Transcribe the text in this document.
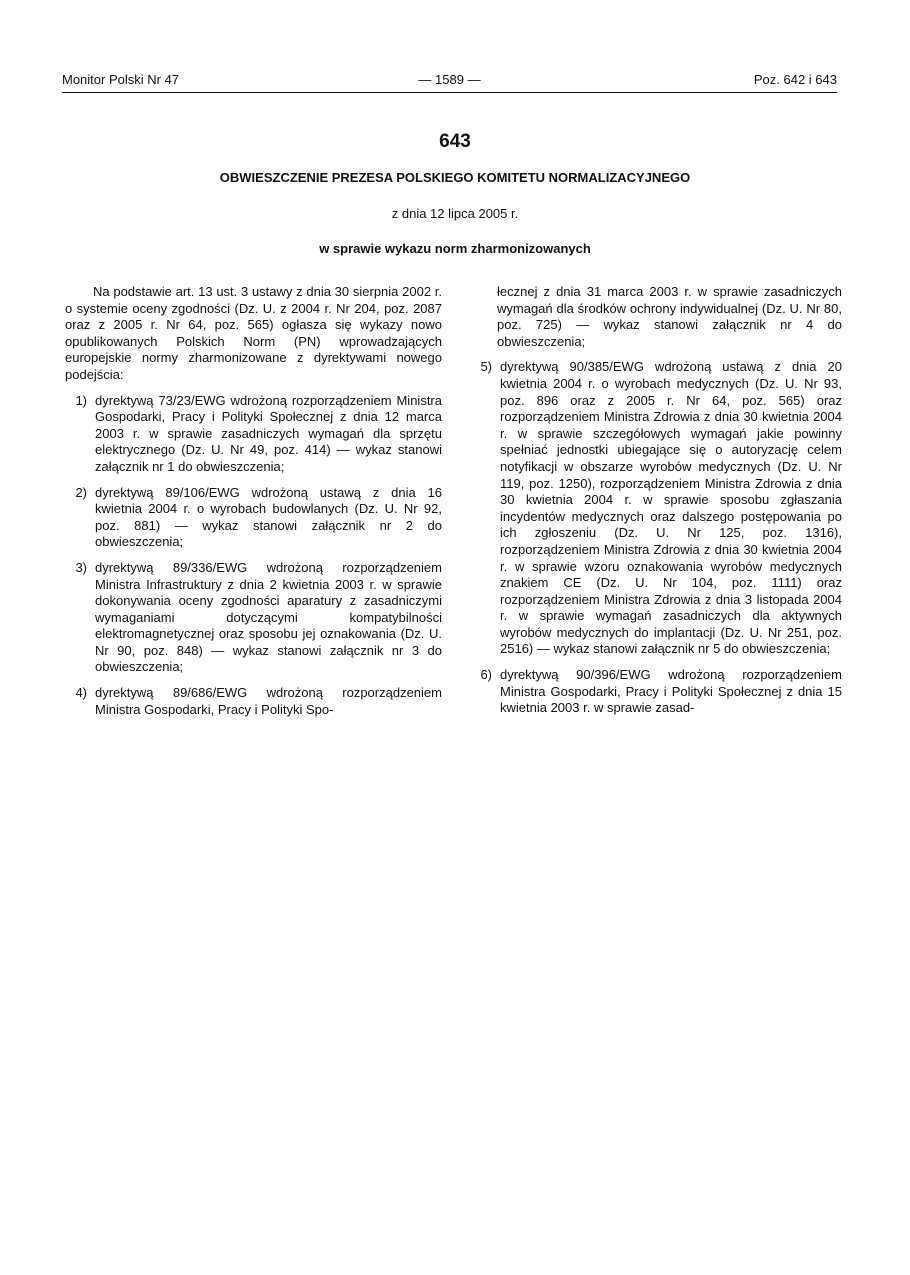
— 1589 —
Monitor Polski Nr 47	Poz. 642 i 643
643
OBWIESZCZENIE PREZESA POLSKIEGO KOMITETU NORMALIZACYJNEGO
z dnia 12 lipca 2005 r.
w sprawie wykazu norm zharmonizowanych

Na podstawie art. 13 ust. 3 ustawy z dnia 30 sierpnia 2002 r. o systemie oceny zgodności (Dz. U. z 2004 r. Nr 204, poz. 2087 oraz z 2005 r. Nr 64, poz. 565) ogłasza się wykazy nowo opublikowanych Polskich Norm (PN) wprowadzających europejskie normy zharmonizowane z dyrektywami nowego podejścia:

1) dyrektywą 73/23/EWG wdrożoną rozporządzeniem Ministra Gospodarki, Pracy i Polityki Społecznej z dnia 12 marca 2003 r. w sprawie zasadniczych wymagań dla sprzętu elektrycznego (Dz. U. Nr 49, poz. 414) — wykaz stanowi załącznik nr 1 do obwieszczenia;
2) dyrektywą 89/106/EWG wdrożoną ustawą z dnia 16 kwietnia 2004 r. o wyrobach budowlanych (Dz. U. Nr 92, poz. 881) — wykaz stanowi załącznik nr 2 do obwieszczenia;
3) dyrektywą 89/336/EWG wdrożoną rozporządzeniem Ministra Infrastruktury z dnia 2 kwietnia 2003 r. w sprawie dokonywania oceny zgodności aparatury z zasadniczymi wymaganiami dotyczącymi kompatybilności elektromagnetycznej oraz sposobu jej oznakowania (Dz. U. Nr 90, poz. 848) — wykaz stanowi załącznik nr 3 do obwieszczenia;
4) dyrektywą 89/686/EWG wdrożoną rozporządzeniem Ministra Gospodarki, Pracy i Polityki Spo-

łecznej z dnia 31 marca 2003 r. w sprawie zasadniczych wymagań dla środków ochrony indywidualnej (Dz. U. Nr 80, poz. 725) — wykaz stanowi załącznik nr 4 do obwieszczenia;

5) dyrektywą 90/385/EWG wdrożoną ustawą z dnia 20 kwietnia 2004 r. o wyrobach medycznych (Dz. U. Nr 93, poz. 896 oraz z 2005 r. Nr 64, poz. 565) oraz rozporządzeniem Ministra Zdrowia z dnia 30 kwietnia 2004 r. w sprawie szczegółowych wymagań jakie powinny spełniać jednostki ubiegające się o autoryzację celem notyfikacji w obszarze wyrobów medycznych (Dz. U. Nr 119, poz. 1250), rozporządzeniem Ministra Zdrowia z dnia 30 kwietnia 2004 r. w sprawie sposobu zgłaszania incydentów medycznych oraz dalszego postępowania po ich zgłoszeniu (Dz. U. Nr 125, poz. 1316), rozporządzeniem Ministra Zdrowia z dnia 30 kwietnia 2004 r. w sprawie wzoru oznakowania wyrobów medycznych znakiem CE (Dz. U. Nr 104, poz. 1111) oraz rozporządzeniem Ministra Zdrowia z dnia 3 listopada 2004 r. w sprawie wymagań zasadniczych dla aktywnych wyrobów medycznych do implantacji (Dz. U. Nr 251, poz. 2516) — wykaz stanowi załącznik nr 5 do obwieszczenia;
6) dyrektywą 90/396/EWG wdrożoną rozporządzeniem Ministra Gospodarki, Pracy i Polityki Społecznej z dnia 15 kwietnia 2003 r. w sprawie zasad-
